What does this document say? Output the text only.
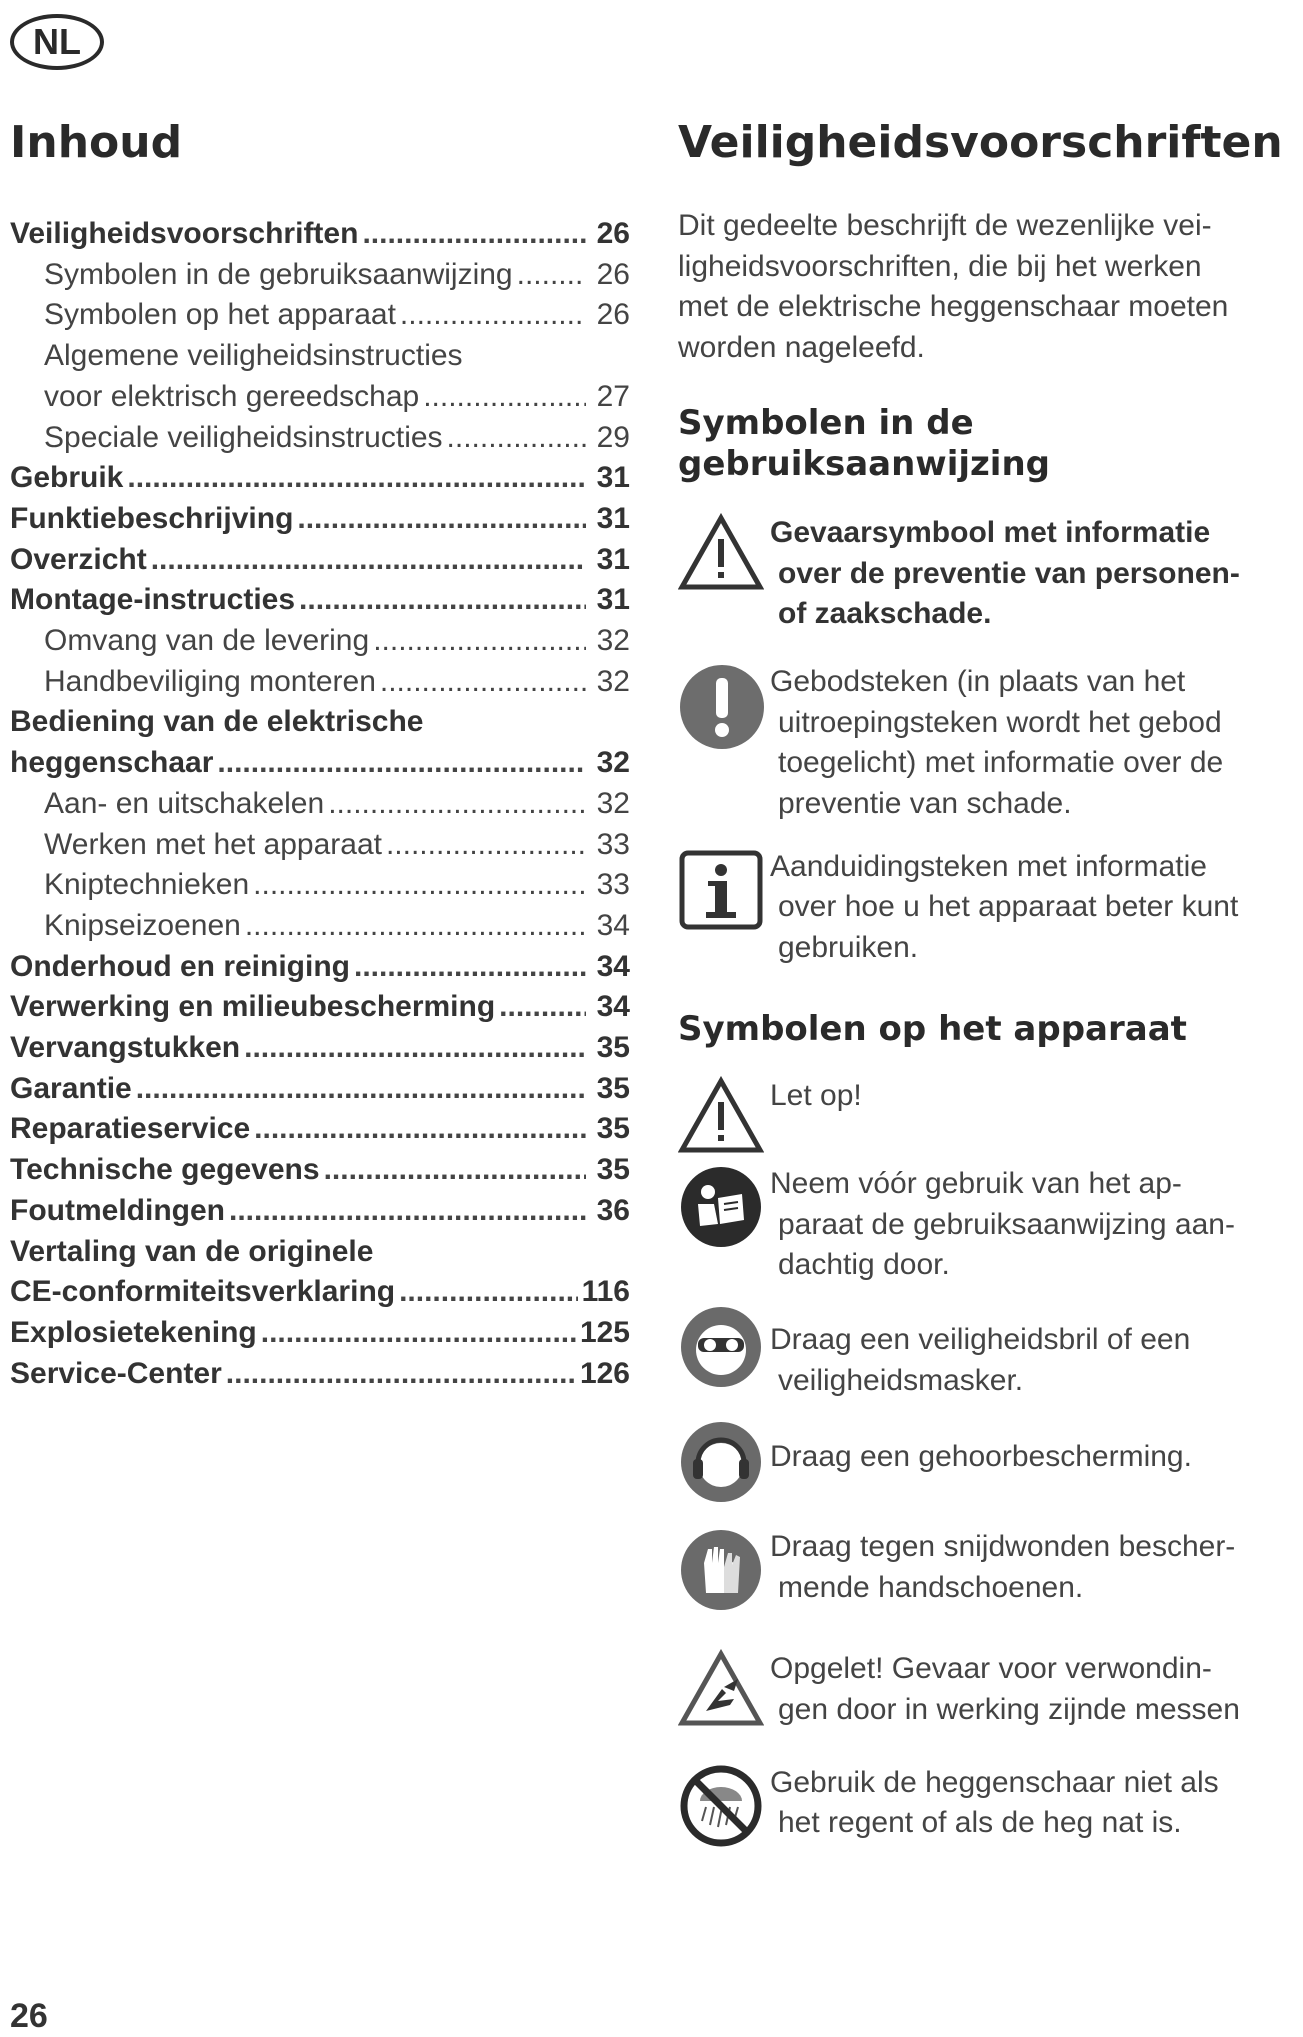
NL
Inhoud
Veiligheidsvoorschriften .....	26
Symbolen in de gebruiksaanwijzing .....	26
Symbolen op het apparaat .....	26
Algemene veiligheidsinstructies
voor elektrisch gereedschap .....	27
Speciale veiligheidsinstructies .....	29
Gebruik .....	31
Funktiebeschrijving .....	31
Overzicht .....	31
Montage-instructies .....	31
Omvang van de levering .....	32
Handbeviliging monteren .....	32
Bediening van de elektrische
heggenschaar .....	32
Aan- en uitschakelen .....	32
Werken met het apparaat .....	33
Kniptechnieken .....	33
Knipseizoenen .....	34
Onderhoud en reiniging .....	34
Verwerking en milieubescherming .....	34
Vervangstukken .....	35
Garantie .....	35
Reparatieservice .....	35
Technische gegevens .....	35
Foutmeldingen .....	36
Vertaling van de originele
CE-conformiteitsverklaring .....	116
Explosietekening .....	125
Service-Center .....	126
Veiligheidsvoorschriften

Dit gedeelte beschrijft de wezenlijke vei-
ligheidsvoorschriften, die bij het werken
met de elektrische heggenschaar moeten
worden nageleefd.

Symbolen in de
gebruiksaanwijzing
Gevaarsymbool met informatie
over de preventie van personen-
of zaakschade.
Gebodsteken (in plaats van het
uitroepingsteken wordt het gebod
toegelicht) met informatie over de
preventie van schade.
Aanduidingsteken met informatie
over hoe u het apparaat beter kunt
gebruiken.
Symbolen op het apparaat
Let op!
Neem vóór gebruik van het ap-
paraat de gebruiksaanwijzing aan-
dachtig door.
Draag een veiligheidsbril of een
veiligheidsmasker.
Draag een gehoorbescherming.
Draag tegen snijdwonden bescher-
mende handschoenen.
Opgelet! Gevaar voor verwondin-
gen door in werking zijnde messen
Gebruik de heggenschaar niet als
het regent of als de heg nat is.
26
